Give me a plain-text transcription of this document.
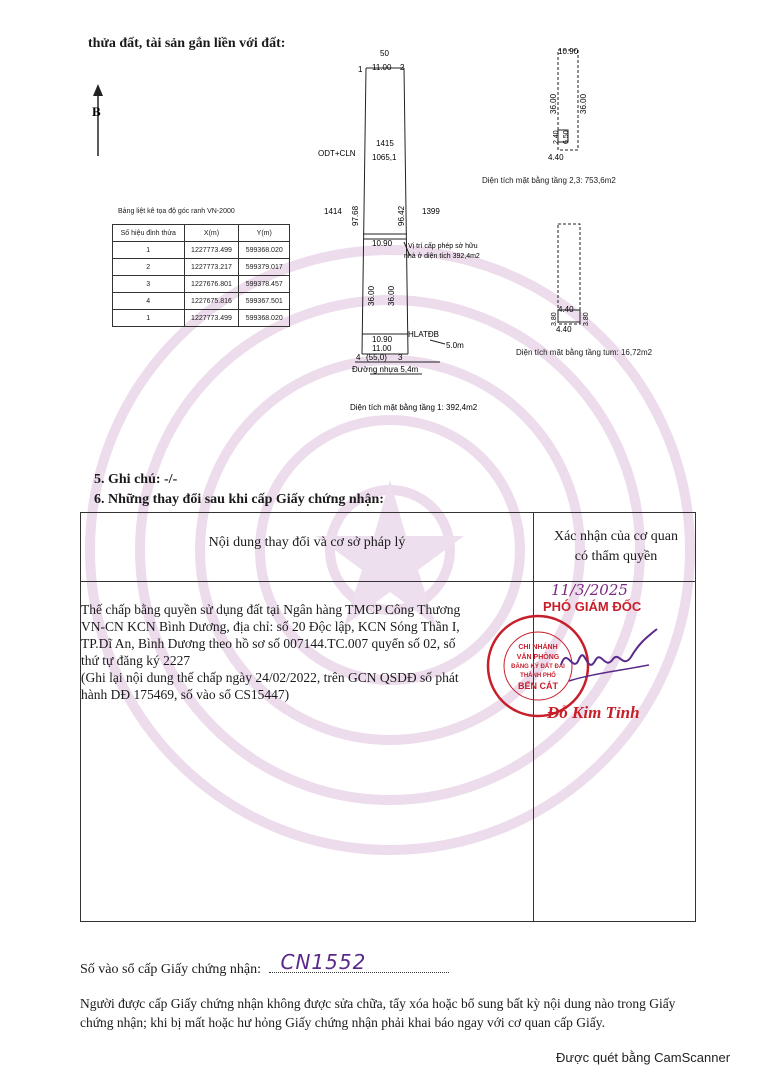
thửa đất, tài sản gắn liền với đất:
50
1 11.00 2
ODT+CLN
1415
1065,1
1414	1399
97.68	96.42
10.90 Vị trí cấp phép sở hữu
nhà ở diện tích 392,4m2
36.00 36.00
10.90
HLATĐB
5.0m
11.00
4 (55,0) 3
Đường nhựa 5,4m
Diện tích mặt bằng tầng 1: 392,4m2
B
10.90
36.00	36.00
6.50
2.40
4.40
Diện tích mặt bằng tầng 2,3: 753,6m2
4.40
3.80	3.80
4.40
Diện tích mặt bằng tầng tum: 16,72m2
Bảng liệt kê tọa độ góc ranh VN-2000
Số hiệu đỉnh thửa	X(m)	Y(m)
1	1227773.499	599368.020
2	1227773.217	599379.017
3	1227676.801	599378.457
4	1227675.816	599367.501
1	1227773.499	599368.020
5. Ghi chú: -/-
6. Những thay đổi sau khi cấp Giấy chứng nhận:
Nội dung thay đổi và cơ sở pháp lý	Xác nhận của cơ quan
có thẩm quyền
Thế chấp bằng quyền sử dụng đất tại Ngân hàng TMCP Công Thương
VN-CN KCN Bình Dương, địa chỉ: số 20 Độc lập, KCN Sóng Thần I,
TP.Dĩ An, Bình Dương theo hồ sơ số 007144.TC.007 quyển số 02, số
thứ tự đăng ký 2227
(Ghi lại nội dung thế chấp ngày 24/02/2022, trên GCN QSDĐ số phát
hành DĐ 175469, số vào sổ CS15447)
11/3/2025
PHÓ GIÁM ĐỐC
CHI NHÁNH
VĂN PHÒNG
ĐĂNG KÝ ĐẤT ĐAI
THÀNH PHỐ
BẾN CÁT
Đỗ Kim Tỉnh
Số vào sổ cấp Giấy chứng nhận: CN1552
Người được cấp Giấy chứng nhận không được sửa chữa, tẩy xóa hoặc bổ sung bất kỳ nội dung nào trong Giấy chứng nhận; khi bị mất hoặc hư hỏng Giấy chứng nhận phải khai báo ngay với cơ quan cấp Giấy.
Được quét bằng CamScanner
